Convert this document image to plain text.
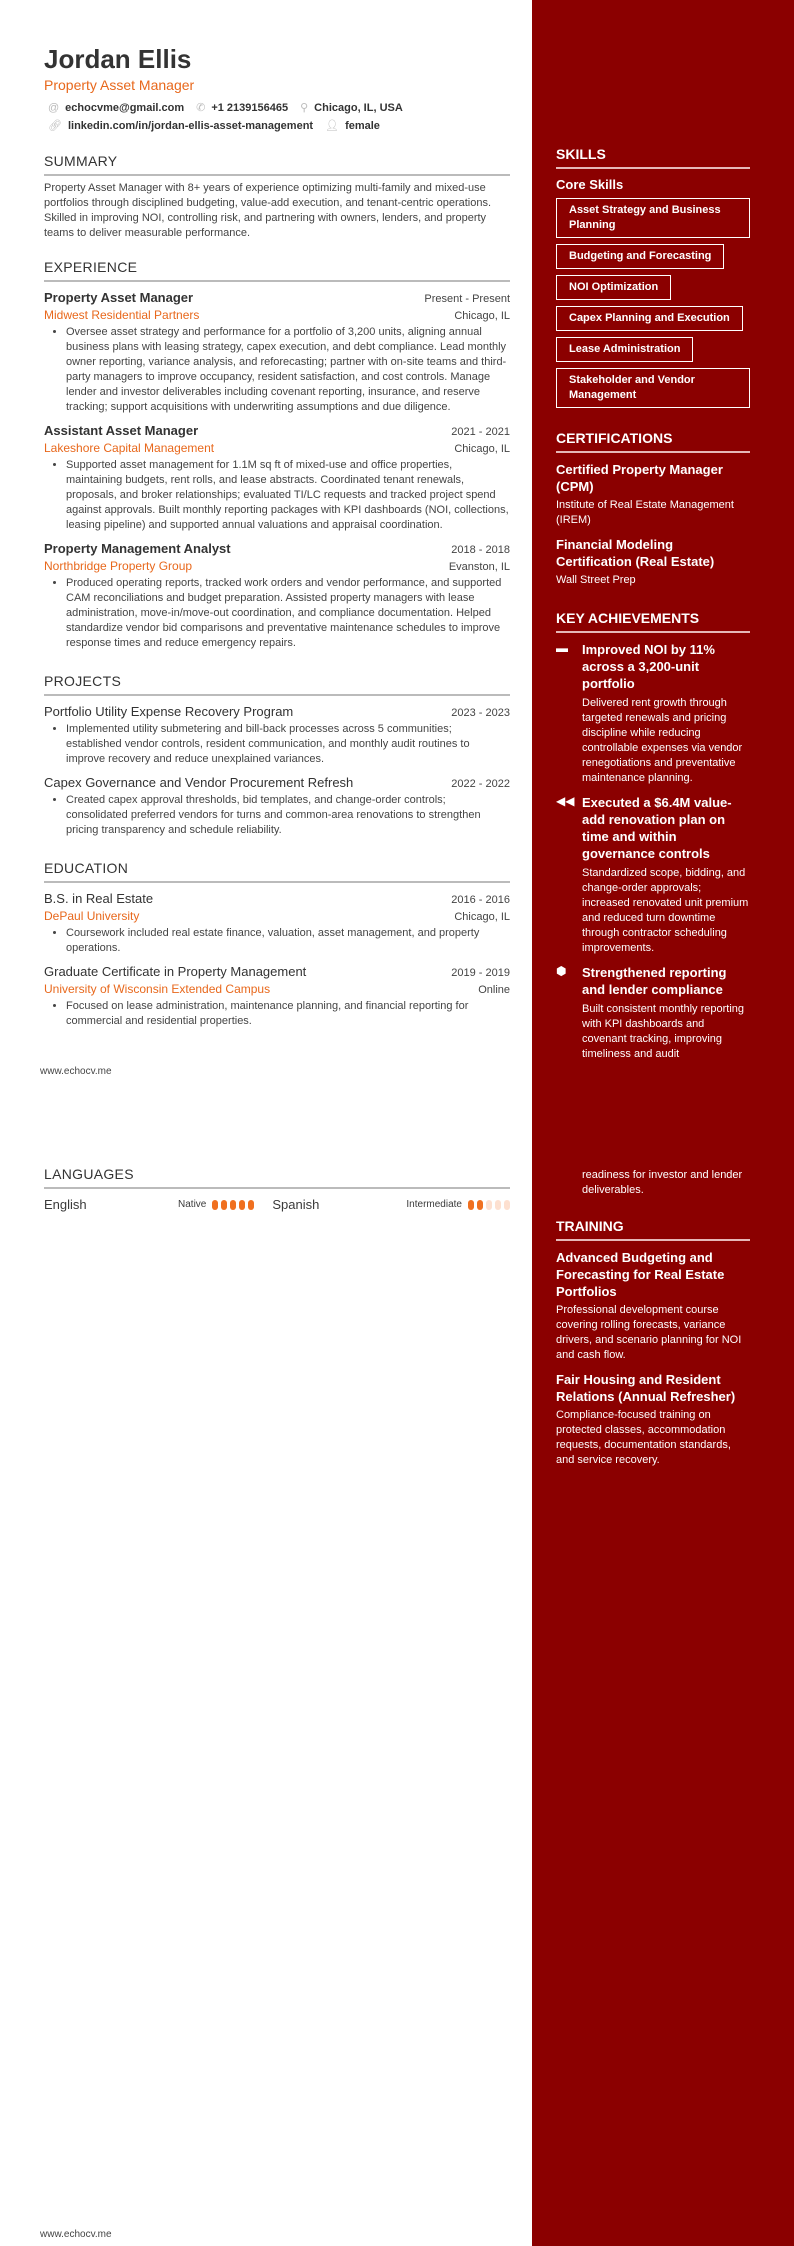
Jordan Ellis
Property Asset Manager
@ echocvme@gmail.com ✆ +1 2139156465 ⚲ Chicago, IL, USA
🔗︎ linkedin.com/in/jordan-ellis-asset-management 👤︎ female
SUMMARY
Property Asset Manager with 8+ years of experience optimizing multi-family and mixed-use portfolios through disciplined budgeting, value-add execution, and tenant-centric operations. Skilled in improving NOI, controlling risk, and partnering with owners, lenders, and property teams to deliver measurable performance.
EXPERIENCE
Property Asset Manager	Present - Present
Midwest Residential Partners	Chicago, IL
• Oversee asset strategy and performance for a portfolio of 3,200 units, aligning annual business plans with leasing strategy, capex execution, and debt compliance. Lead monthly owner reporting, variance analysis, and reforecasting; partner with on-site teams and third-party managers to improve occupancy, resident satisfaction, and cost controls. Manage lender and investor deliverables including covenant reporting, insurance, and reserve tracking; support acquisitions with underwriting assumptions and due diligence.
Assistant Asset Manager	2021 - 2021
Lakeshore Capital Management	Chicago, IL
• Supported asset management for 1.1M sq ft of mixed-use and office properties, maintaining budgets, rent rolls, and lease abstracts. Coordinated tenant renewals, proposals, and broker relationships; evaluated TI/LC requests and tracked project spend against approvals. Built monthly reporting packages with KPI dashboards (NOI, collections, leasing pipeline) and supported annual valuations and appraisal coordination.
Property Management Analyst	2018 - 2018
Northbridge Property Group	Evanston, IL
• Produced operating reports, tracked work orders and vendor performance, and supported CAM reconciliations and budget preparation. Assisted property managers with lease administration, move-in/move-out coordination, and compliance documentation. Helped standardize vendor bid comparisons and preventative maintenance schedules to improve response times and reduce emergency repairs.
PROJECTS
Portfolio Utility Expense Recovery Program	2023 - 2023
• Implemented utility submetering and bill-back processes across 5 communities; established vendor controls, resident communication, and monthly audit routines to improve recovery and reduce unexplained variances.
Capex Governance and Vendor Procurement Refresh	2022 - 2022
• Created capex approval thresholds, bid templates, and change-order controls; consolidated preferred vendors for turns and common-area renovations to strengthen pricing transparency and schedule reliability.
EDUCATION
B.S. in Real Estate	2016 - 2016
DePaul University	Chicago, IL
• Coursework included real estate finance, valuation, asset management, and property operations.
Graduate Certificate in Property Management	2019 - 2019
University of Wisconsin Extended Campus	Online
• Focused on lease administration, maintenance planning, and financial reporting for commercial and residential properties.
www.echocv.me
LANGUAGES
English	Native	Spanish	Intermediate
www.echocv.me
SKILLS
Core Skills
Asset Strategy and Business Planning
Budgeting and Forecasting
NOI Optimization
Capex Planning and Execution
Lease Administration
Stakeholder and Vendor Management
CERTIFICATIONS
Certified Property Manager (CPM)
Institute of Real Estate Management (IREM)
Financial Modeling Certification (Real Estate)
Wall Street Prep
KEY ACHIEVEMENTS
▬	Improved NOI by 11% across a 3,200-unit portfolio
Delivered rent growth through targeted renewals and pricing discipline while reducing controllable expenses via vendor renegotiations and preventative maintenance planning.
◀◀ Executed a $6.4M value-add renovation plan on time and within governance controls
Standardized scope, bidding, and change-order approvals; increased renovated unit premium and reduced turn downtime through contractor scheduling improvements.
⬢	Strengthened reporting and lender compliance
Built consistent monthly reporting with KPI dashboards and covenant tracking, improving timeliness and audit
readiness for investor and lender deliverables.
TRAINING
Advanced Budgeting and Forecasting for Real Estate Portfolios
Professional development course covering rolling forecasts, variance drivers, and scenario planning for NOI and cash flow.
Fair Housing and Resident Relations (Annual Refresher)
Compliance-focused training on protected classes, accommodation requests, documentation standards, and service recovery.
